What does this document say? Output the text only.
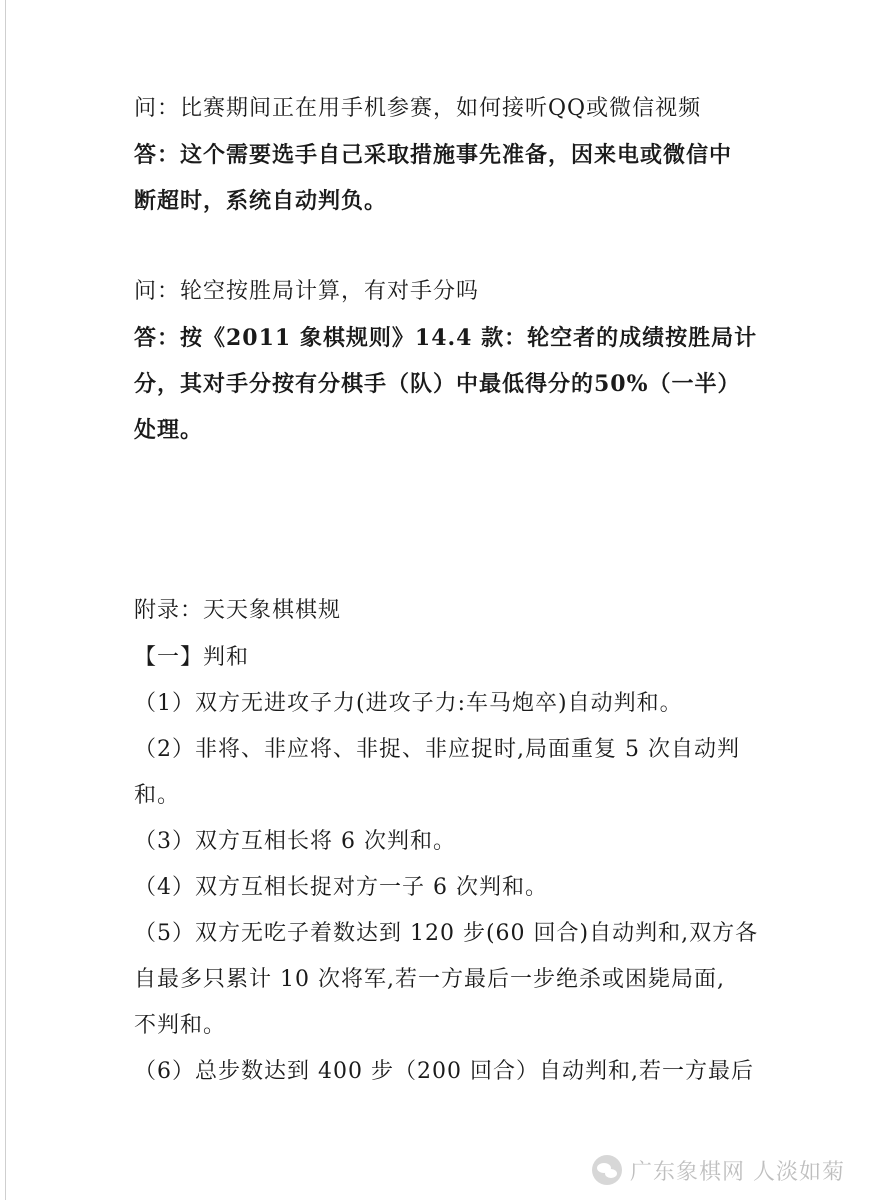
问：比赛期间正在用手机参赛，如何接听QQ或微信视频
答：这个需要选手自己采取措施事先准备，因来电或微信中
断超时，系统自动判负。
问：轮空按胜局计算，有对手分吗
答：按《2011 象棋规则》14.4 款：轮空者的成绩按胜局计
分，其对手分按有分棋手（队）中最低得分的50%（一半）
处理。
附录：天天象棋棋规
【一】判和
（1）双方无进攻子力(进攻子力:车马炮卒)自动判和。
（2）非将、非应将、非捉、非应捉时,局面重复 5 次自动判
和。
（3）双方互相长将 6 次判和。
（4）双方互相长捉对方一子 6 次判和。
（5）双方无吃子着数达到 120 步(60 回合)自动判和,双方各
自最多只累计 10 次将军,若一方最后一步绝杀或困毙局面,
不判和。
（6）总步数达到 400 步（200 回合）自动判和,若一方最后
广东象棋网 人淡如菊
